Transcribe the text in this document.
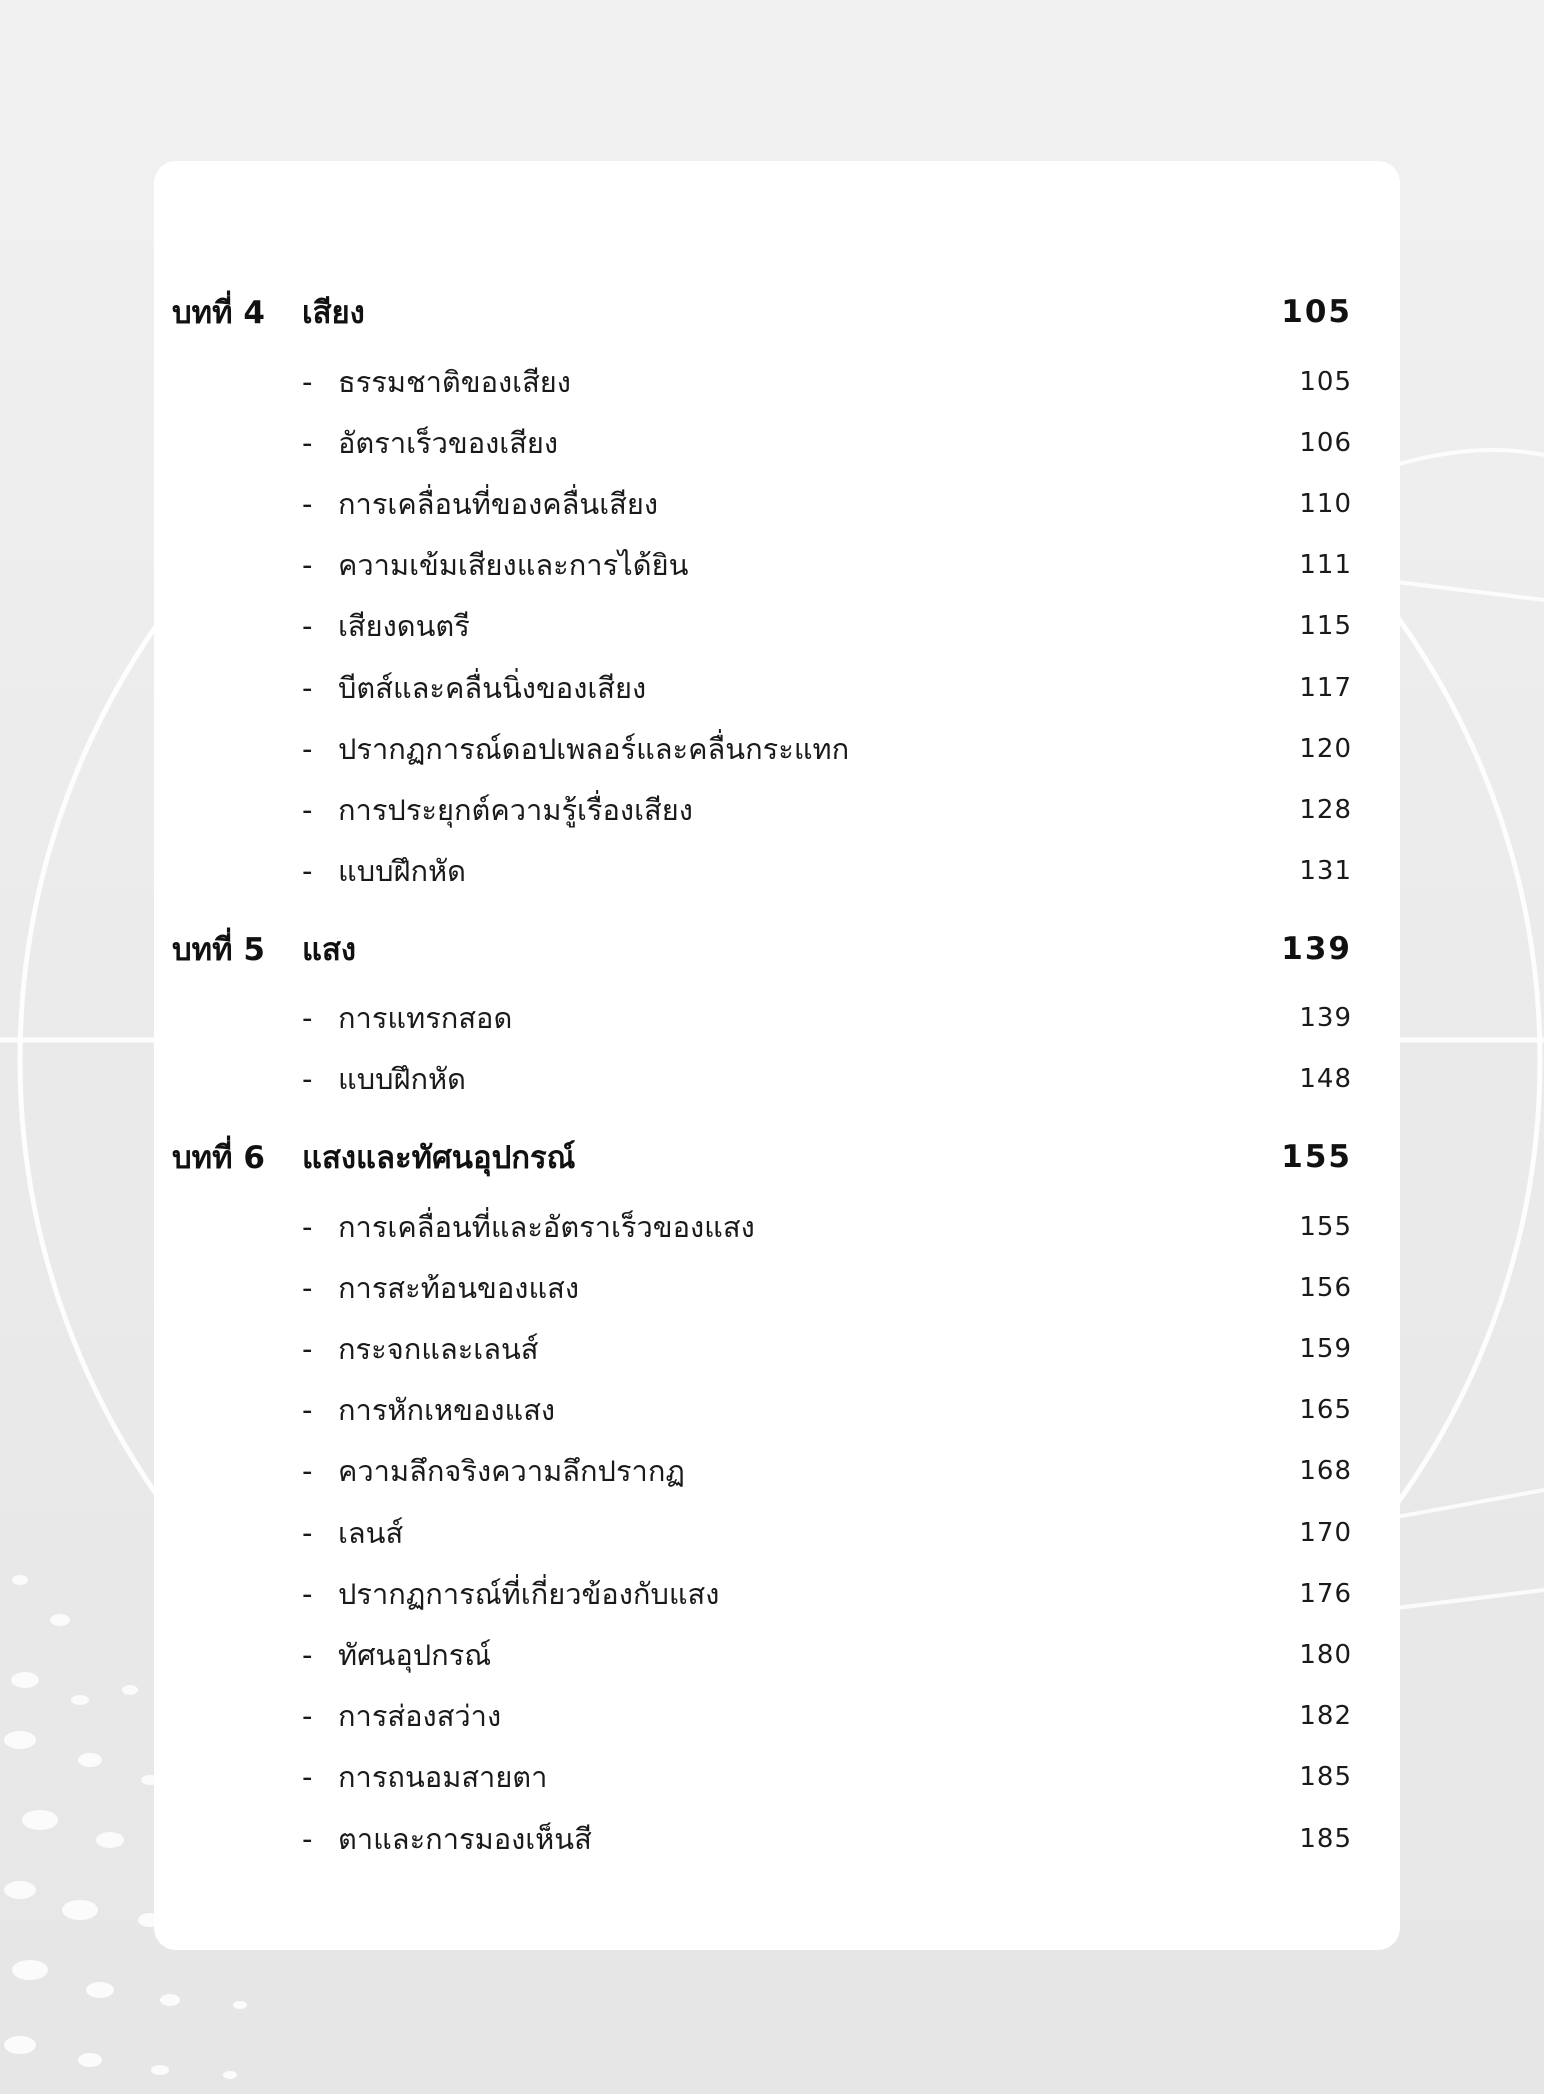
บทที่ 4	เสียง	105
- ธรรมชาติของเสียง	105
- อัตราเร็วของเสียง	106
- การเคลื่อนที่ของคลื่นเสียง	110
- ความเข้มเสียงและการได้ยิน	111
- เสียงดนตรี	115
- บีตส์และคลื่นนิ่งของเสียง	117
- ปรากฏการณ์ดอปเพลอร์และคลื่นกระแทก	120
- การประยุกต์ความรู้เรื่องเสียง	128
- แบบฝึกหัด	131
บทที่ 5	แสง	139
- การแทรกสอด	139
- แบบฝึกหัด	148
บทที่ 6	แสงและทัศนอุปกรณ์	155
- การเคลื่อนที่และอัตราเร็วของแสง	155
- การสะท้อนของแสง	156
- กระจกและเลนส์	159
- การหักเหของแสง	165
- ความลึกจริงความลึกปรากฏ	168
- เลนส์	170
- ปรากฏการณ์ที่เกี่ยวข้องกับแสง	176
- ทัศนอุปกรณ์	180
- การส่องสว่าง	182
- การถนอมสายตา	185
- ตาและการมองเห็นสี	185
